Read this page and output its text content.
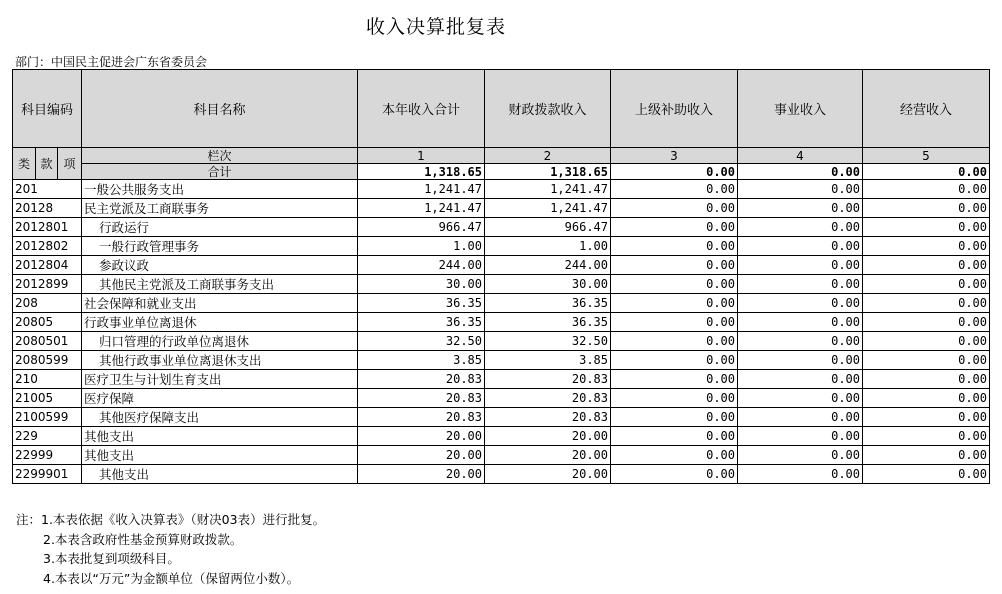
收入决算批复表
部门：中国民主促进会广东省委员会
科目编码			科目名称	本年收入合计	财政拨款收入	上级补助收入	事业收入	经营收入
类	款	项	栏次	1	2	3	4	5
			合计	1,318.65	1,318.65	0.00	0.00	0.00
201			一般公共服务支出	1,241.47	1,241.47	0.00	0.00	0.00
20128			民主党派及工商联事务	1,241.47	1,241.47	0.00	0.00	0.00
2012801			行政运行	966.47	966.47	0.00	0.00	0.00
2012802			一般行政管理事务	1.00	1.00	0.00	0.00	0.00
2012804			参政议政	244.00	244.00	0.00	0.00	0.00
2012899			其他民主党派及工商联事务支出	30.00	30.00	0.00	0.00	0.00
208			社会保障和就业支出	36.35	36.35	0.00	0.00	0.00
20805			行政事业单位离退休	36.35	36.35	0.00	0.00	0.00
2080501			归口管理的行政单位离退休	32.50	32.50	0.00	0.00	0.00
2080599			其他行政事业单位离退休支出	3.85	3.85	0.00	0.00	0.00
210			医疗卫生与计划生育支出	20.83	20.83	0.00	0.00	0.00
21005			医疗保障	20.83	20.83	0.00	0.00	0.00
2100599			其他医疗保障支出	20.83	20.83	0.00	0.00	0.00
229			其他支出	20.00	20.00	0.00	0.00	0.00
22999			其他支出	20.00	20.00	0.00	0.00	0.00
2299901			其他支出	20.00	20.00	0.00	0.00	0.00
注：1.本表依据《收入决算表》（财决03表）进行批复。
2.本表含政府性基金预算财政拨款。
3.本表批复到项级科目。
4.本表以“万元”为金额单位（保留两位小数）。
